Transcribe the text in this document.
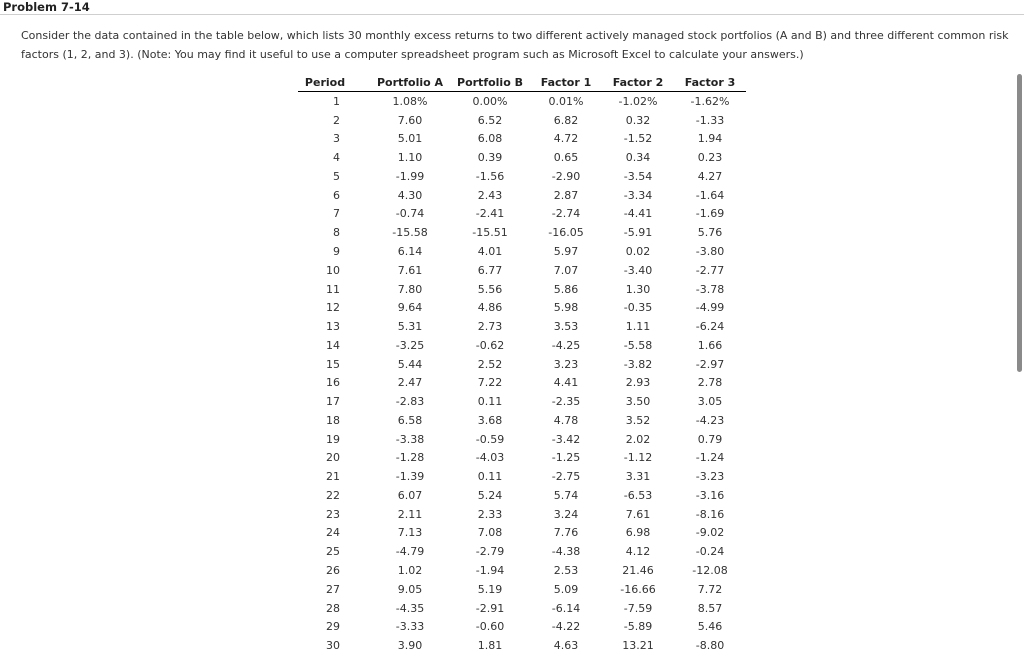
Problem 7-14
Consider the data contained in the table below, which lists 30 monthly excess returns to two different actively managed stock portfolios (A and B) and three different common risk factors (1, 2, and 3). (Note: You may find it useful to use a computer spreadsheet program such as Microsoft Excel to calculate your answers.)
Period	Portfolio A	Portfolio B	Factor 1	Factor 2	Factor 3
1	1.08%	0.00%	0.01%	-1.02%	-1.62%
2	7.60	6.52	6.82	0.32	-1.33
3	5.01	6.08	4.72	-1.52	1.94
4	1.10	0.39	0.65	0.34	0.23
5	-1.99	-1.56	-2.90	-3.54	4.27
6	4.30	2.43	2.87	-3.34	-1.64
7	-0.74	-2.41	-2.74	-4.41	-1.69
8	-15.58	-15.51	-16.05	-5.91	5.76
9	6.14	4.01	5.97	0.02	-3.80
10	7.61	6.77	7.07	-3.40	-2.77
11	7.80	5.56	5.86	1.30	-3.78
12	9.64	4.86	5.98	-0.35	-4.99
13	5.31	2.73	3.53	1.11	-6.24
14	-3.25	-0.62	-4.25	-5.58	1.66
15	5.44	2.52	3.23	-3.82	-2.97
16	2.47	7.22	4.41	2.93	2.78
17	-2.83	0.11	-2.35	3.50	3.05
18	6.58	3.68	4.78	3.52	-4.23
19	-3.38	-0.59	-3.42	2.02	0.79
20	-1.28	-4.03	-1.25	-1.12	-1.24
21	-1.39	0.11	-2.75	3.31	-3.23
22	6.07	5.24	5.74	-6.53	-3.16
23	2.11	2.33	3.24	7.61	-8.16
24	7.13	7.08	7.76	6.98	-9.02
25	-4.79	-2.79	-4.38	4.12	-0.24
26	1.02	-1.94	2.53	21.46	-12.08
27	9.05	5.19	5.09	-16.66	7.72
28	-4.35	-2.91	-6.14	-7.59	8.57
29	-3.33	-0.60	-4.22	-5.89	5.46
30	3.90	1.81	4.63	13.21	-8.80
